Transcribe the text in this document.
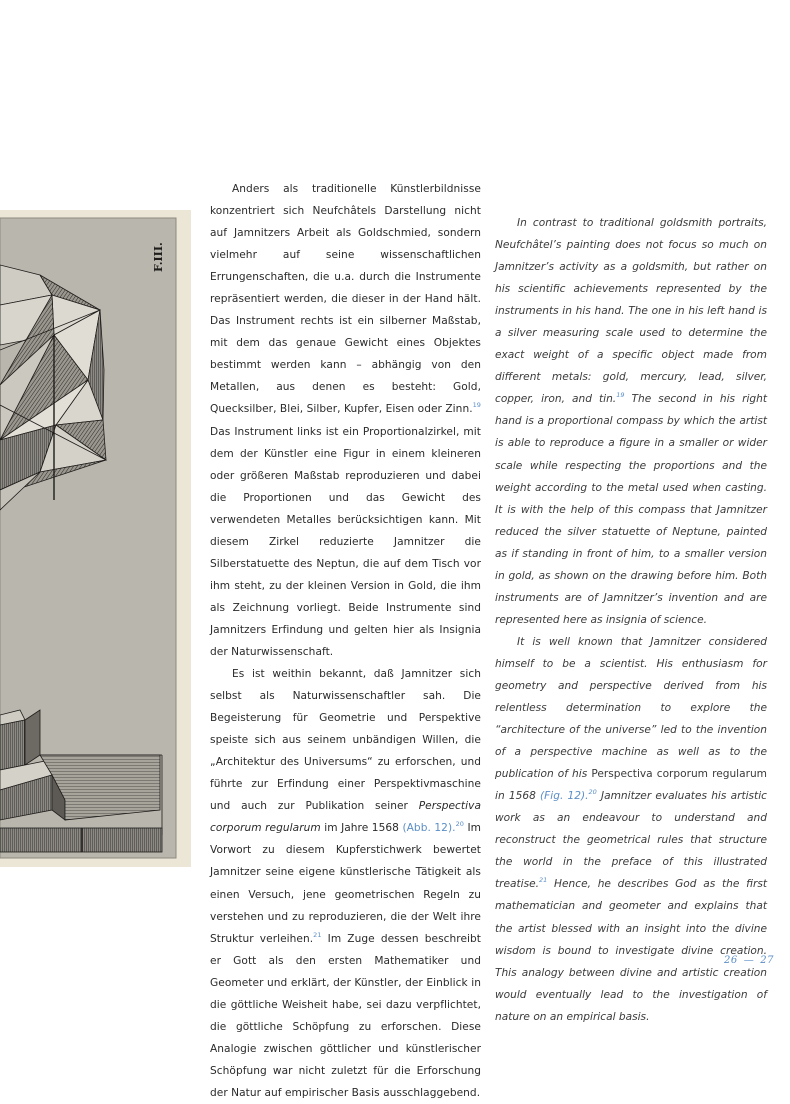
F.III.

Anders als traditionelle Künstlerbildnisse konzentriert sich Neufchâtels Darstellung nicht auf Jamnitzers Arbeit als Goldschmied, sondern vielmehr auf seine wissenschaftlichen Errungenschaften, die u.a. durch die Instrumente repräsentiert werden, die dieser in der Hand hält. Das Instrument rechts ist ein silberner Maßstab, mit dem das genaue Gewicht eines Objektes bestimmt werden kann – abhängig von den Metallen, aus denen es besteht: Gold, Quecksilber, Blei, Silber, Kupfer, Eisen oder Zinn.$^{19}$ Das Instrument links ist ein Proportionalzirkel, mit dem der Künstler eine Figur in einem kleineren oder größeren Maßstab reproduzieren und dabei die Proportionen und das Gewicht des verwendeten Metalles berücksichtigen kann. Mit diesem Zirkel reduzierte Jamnitzer die Silberstatuette des Neptun, die auf dem Tisch vor ihm steht, zu der kleinen Version in Gold, die ihm als Zeichnung vorliegt. Beide Instrumente sind Jamnitzers Erfindung und gelten hier als Insignia der Naturwissenschaft.

Es ist weithin bekannt, daß Jamnitzer sich selbst als Naturwissenschaftler sah. Die Begeisterung für Geometrie und Perspektive speiste sich aus seinem unbändigen Willen, die „Architektur des Universums“ zu erforschen, und führte zur Erfindung einer Perspektivmaschine und auch zur Publikation seiner Perspectiva corporum regularum im Jahre 1568 (Abb. 12).$^{20}$ Im Vorwort zu diesem Kupferstichwerk bewertet Jamnitzer seine eigene künstlerische Tätigkeit als einen Versuch, jene geometrischen Regeln zu verstehen und zu reproduzieren, die der Welt ihre Struktur verleihen.$^{21}$ Im Zuge dessen beschreibt er Gott als den ersten Mathematiker und Geometer und erklärt, der Künstler, der Einblick in die göttliche Weisheit habe, sei dazu verpflichtet, die göttliche Schöpfung zu erforschen. Diese Analogie zwischen göttlicher und künstlerischer Schöpfung war nicht zuletzt für die Erforschung der Natur auf empirischer Basis ausschlaggebend.

In contrast to traditional goldsmith portraits, Neufchâtel’s painting does not focus so much on Jamnitzer’s activity as a goldsmith, but rather on his scientific achievements represented by the instruments in his hand. The one in his left hand is a silver measuring scale used to determine the exact weight of a specific object made from different metals: gold, mercury, lead, silver, copper, iron, and tin.$^{19}$ The second in his right hand is a proportional compass by which the artist is able to reproduce a figure in a smaller or wider scale while respecting the proportions and the weight according to the metal used when casting. It is with the help of this compass that Jamnitzer reduced the silver statuette of Neptune, painted as if standing in front of him, to a smaller version in gold, as shown on the drawing before him. Both instruments are of Jamnitzer’s invention and are represented here as insignia of science.

It is well known that Jamnitzer considered himself to be a scientist. His enthusiasm for geometry and perspective derived from his relentless determination to explore the “architecture of the universe” led to the invention of a perspective machine as well as to the publication of his Perspectiva corporum regularum in 1568 (Fig. 12).$^{20}$ Jamnitzer evaluates his artistic work as an endeavour to understand and reconstruct the geometrical rules that structure the world in the preface of this illustrated treatise.$^{21}$ Hence, he describes God as the first mathematician and geometer and explains that the artist blessed with an insight into the divine wisdom is bound to investigate divine creation. This analogy between divine and artistic creation would eventually lead to the investigation of nature on an empirical basis.

26 — 27
